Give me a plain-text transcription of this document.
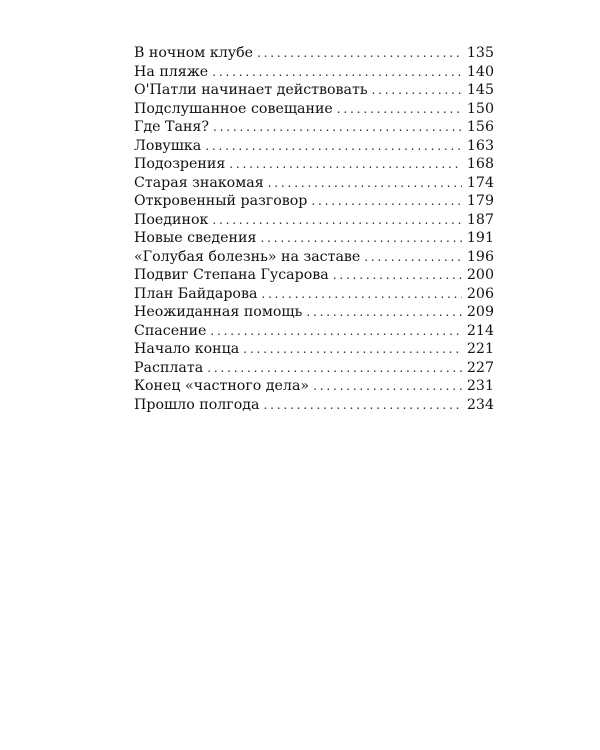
В ночном клубе . . .	135
На пляже . . .	140
О'Патли начинает действовать . . .	145
Подслушанное совещание . . .	150
Где Таня? . . .	156
Ловушка . . .	163
Подозрения . . .	168
Старая знакомая . . .	174
Откровенный разговор . . .	179
Поединок . . .	187
Новые сведения . . .	191
«Голубая болезнь» на заставе . . .	196
Подвиг Степана Гусарова . . .	200
План Байдарова . . .	206
Неожиданная помощь . . .	209
Спасение . . .	214
Начало конца . . .	221
Расплата . . .	227
Конец «частного дела» . . .	231
Прошло полгода . . .	234
